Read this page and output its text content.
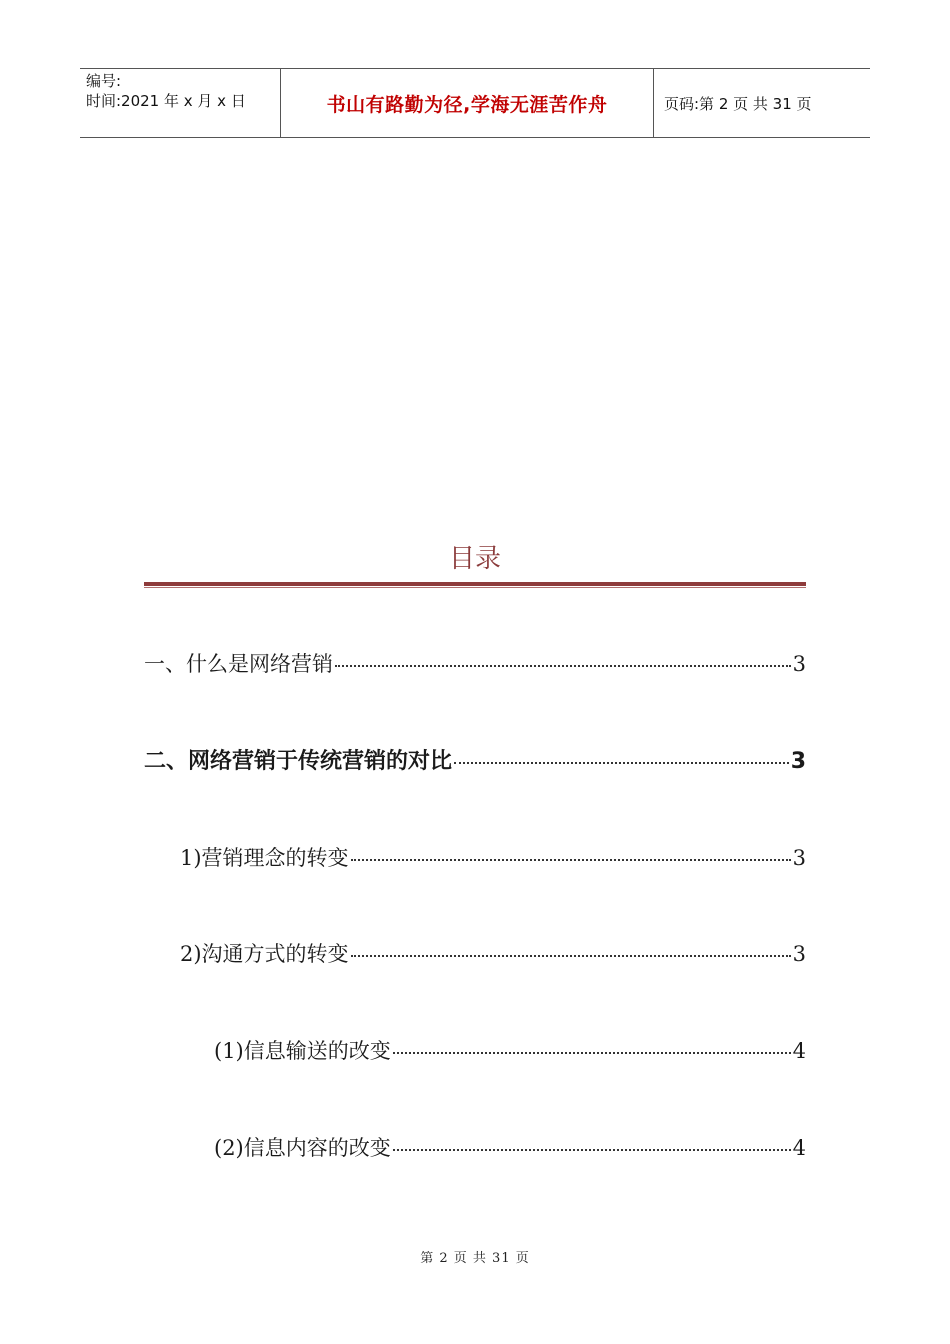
编号:
时间:2021 年 x 月 x 日	书山有路勤为径,学海无涯苦作舟	页码:第 2 页 共 31 页
目录
一、什么是网络营销	3
二、网络营销于传统营销的对比	3
1)营销理念的转变	3
2)沟通方式的转变	3
(1)信息输送的改变	4
(2)信息内容的改变	4
第 2 页 共 31 页
